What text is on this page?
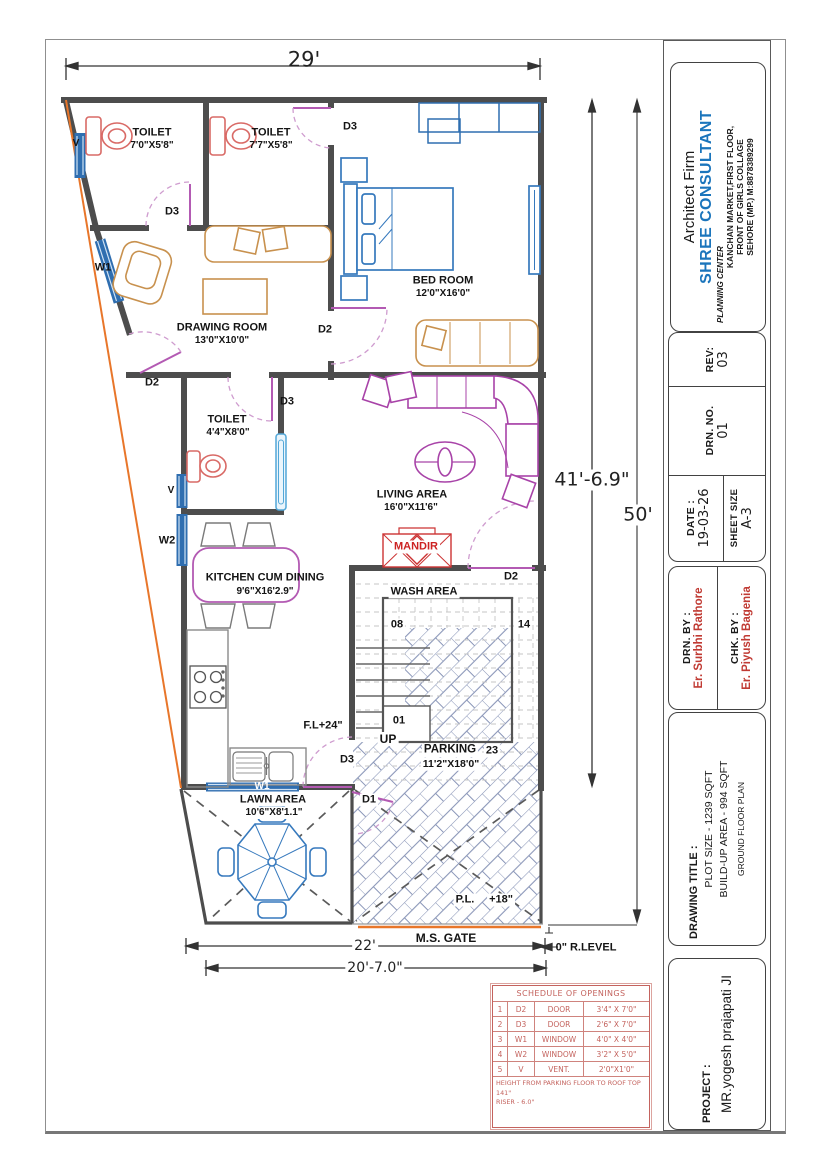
29'
41'-6.9"
50'
22'
20'-7.0"
0" R.LEVEL
TOILET
7'0"X5'8"
TOILET
7'7"X5'8"
BED ROOM
12'0"X16'0"
DRAWING ROOM
13'0"X10'0"
TOILET
4'4"X8'0"
LIVING AREA
16'0"X11'6"
KITCHEN CUM DINING
9'6"X16'2.9"	WASH AREA
MANDIR
PARKING 23
11'2"X18'0"
LAWN AREA
10'6"X8'1.1"
V
D3
D3
W1
D2
D2
D3
V
W2
D2
D3
W1
D1
08	14
01
F.L+24"
UP
P.L. +18"
M.S. GATE
Architect Firm SHREE CONSULTANT
PLANNING CENTER
KANCHAN MARKET,FIRST FLOOR, FRONT OF GIRLS COLLAGE SEHORE (MP.) M:8878389299
REV: 03
DRN. NO. 01
DATE : 19-03-26 SHEET SIZE A-3
DRN. BY : Er. Surbhi Rathore CHK. BY : Er. Piyush Bagenia
DRAWING TITLE :
PLOT SIZE - 1239 SQFT BUILD-UP AREA - 994 SQFT GROUND FLOOR PLAN
PROJECT : MR.yogesh prajapati JI
SCHEDULE OF OPENINGS
1	D2	DOOR	3'4" X 7'0"
2	D3	DOOR	2'6" X 7'0"
3	W1	WINDOW	4'0" X 4'0"
4	W2	WINDOW	3'2" X 5'0"
5	V	VENT.	2'0"X1'0"
HEIGHT FROM PARKING FLOOR TO ROOF TOP 141"
RISER - 6.0"
